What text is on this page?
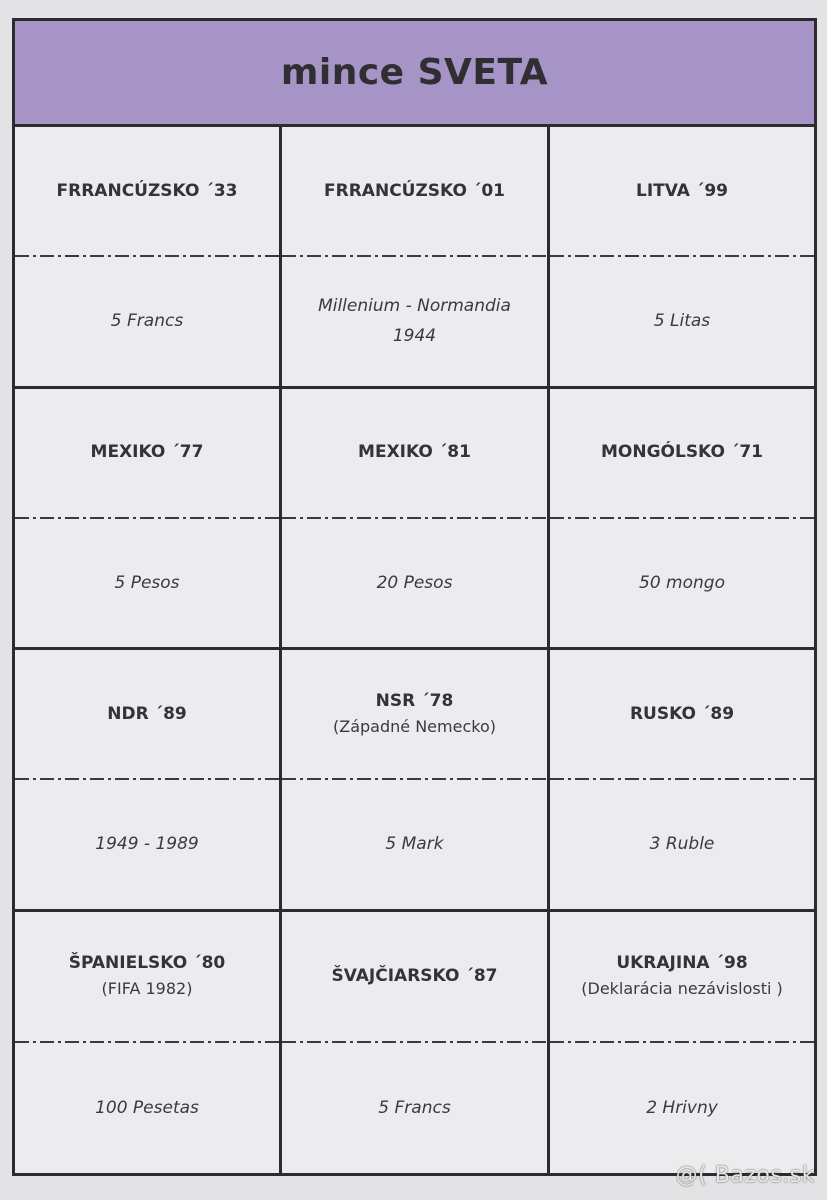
mince SVETA
FRRANCÚZSKO ´33
5 Francs
FRRANCÚZSKO ´01
Millenium - Normandia
1944
LITVA ´99
5 Litas
MEXIKO ´77
5 Pesos
MEXIKO ´81
20 Pesos
MONGÓLSKO ´71
50 mongo
NDR ´89
1949 - 1989
NSR ´78
(Západné Nemecko)
5 Mark
RUSKO ´89
3 Ruble
ŠPANIELSKO ´80
(FIFA 1982)
100 Pesetas
ŠVAJČIARSKO ´87
5 Francs
UKRAJINA ´98
(Deklarácia nezávislosti )
2 Hrivny
@( Bazos.sk
